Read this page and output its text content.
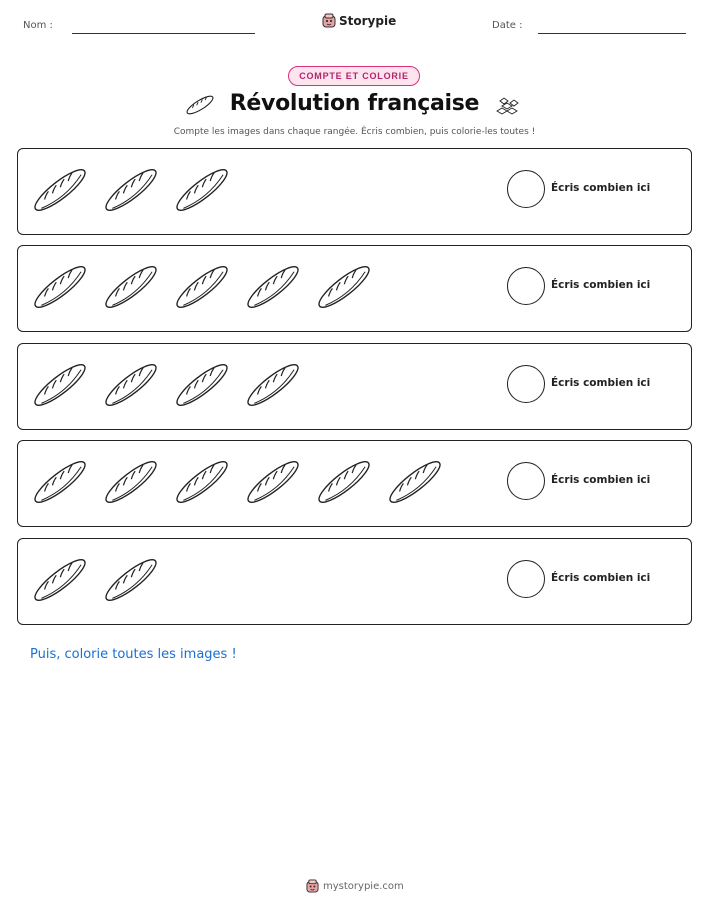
Nom :	Storypie	Date :
COMPTE ET COLORIE
Révolution française
Compte les images dans chaque rangée. Écris combien, puis colorie-les toutes !
Écris combien ici
Écris combien ici
Écris combien ici
Écris combien ici
Écris combien ici
Puis, colorie toutes les images !
mystorypie.com
